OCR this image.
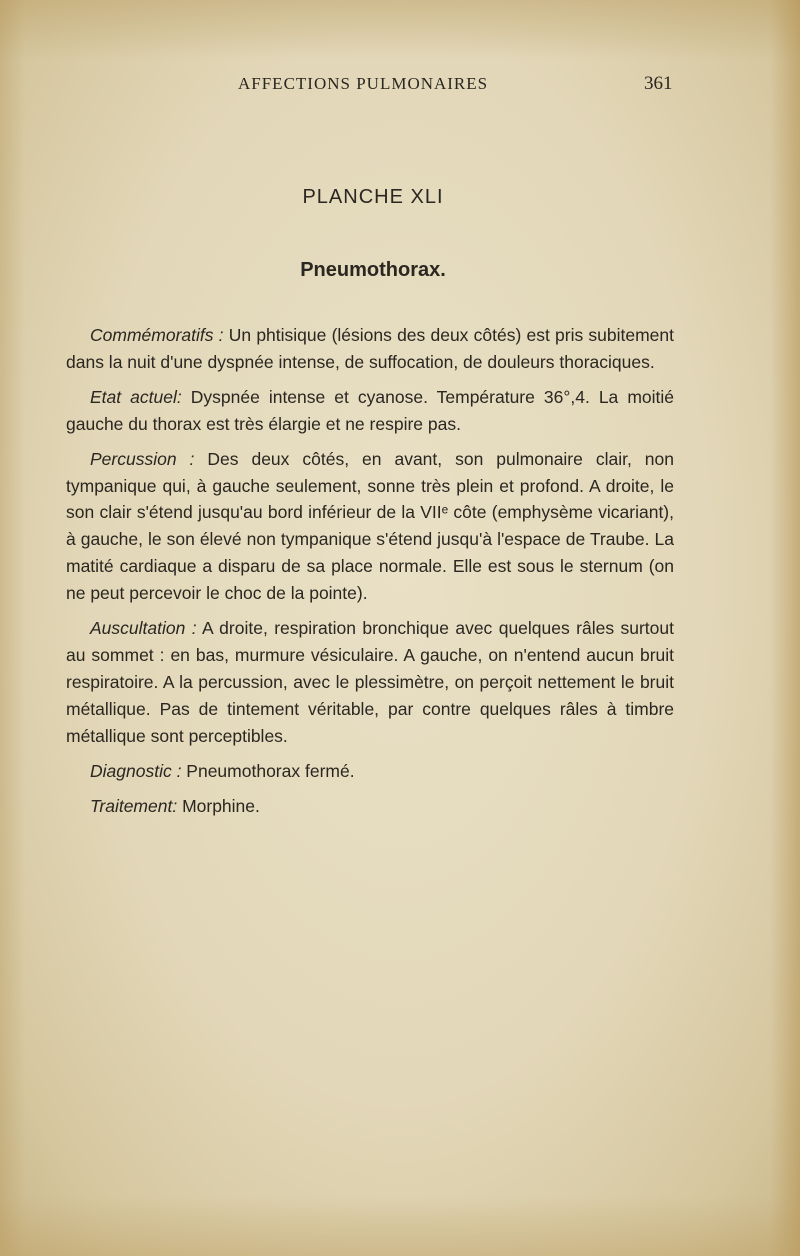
AFFECTIONS PULMONAIRES	361
PLANCHE XLI
Pneumothorax.

Commémoratifs : Un phtisique (lésions des deux côtés) est pris subitement dans la nuit d'une dyspnée intense, de suffocation, de douleurs thoraciques.

Etat actuel: Dyspnée intense et cyanose. Température 36°,4. La moitié gauche du thorax est très élargie et ne respire pas.

Percussion : Des deux côtés, en avant, son pulmonaire clair, non tympanique qui, à gauche seulement, sonne très plein et profond. A droite, le son clair s'étend jusqu'au bord inférieur de la VIIᵉ côte (emphysème vicariant), à gauche, le son élevé non tympanique s'étend jusqu'à l'espace de Traube. La matité cardiaque a disparu de sa place normale. Elle est sous le sternum (on ne peut percevoir le choc de la pointe).

Auscultation : A droite, respiration bronchique avec quelques râles surtout au sommet : en bas, murmure vésiculaire. A gauche, on n'entend aucun bruit respiratoire. A la percussion, avec le plessimètre, on perçoit nettement le bruit métallique. Pas de tintement véritable, par contre quelques râles à timbre métallique sont perceptibles.

Diagnostic : Pneumothorax fermé.

Traitement: Morphine.
